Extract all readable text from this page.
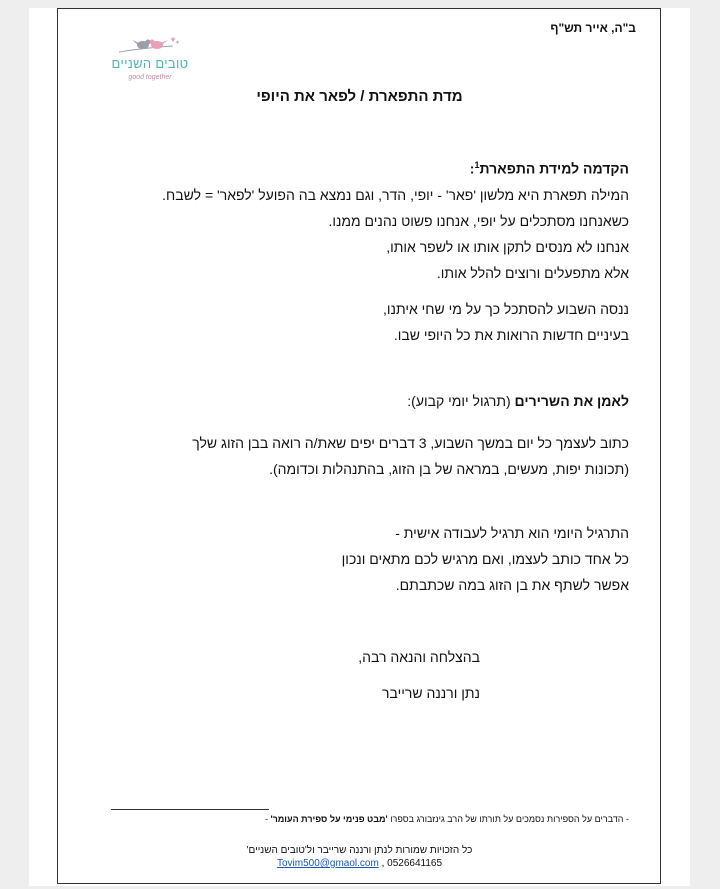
ב"ה, אייר תש"ף
טובים השניים
good together
מדת התפארת / לפאר את היופי
הקדמה למידת התפארת$^1$:
המילה תפארת היא מלשון 'פאר' - יופי, הדר, וגם נמצא בה הפועל 'לפאר' = לשבח.
כשאנחנו מסתכלים על יופי, אנחנו פשוט נהנים ממנו.
אנחנו לא מנסים לתקן אותו או לשפר אותו,
אלא מתפעלים ורוצים להלל אותו.
ננסה השבוע להסתכל כך על מי שחי איתנו,
בעיניים חדשות הרואות את כל היופי שבו.
לאמן את השרירים (תרגול יומי קבוע):
כתוב לעצמך כל יום במשך השבוע, 3 דברים יפים שאת/ה רואה בבן הזוג שלך
(תכונות יפות, מעשים, במראה של בן הזוג, בהתנהלות וכדומה).
התרגיל היומי הוא תרגיל לעבודה אישית -
כל אחד כותב לעצמו, ואם מרגיש לכם מתאים ונכון
אפשר לשתף את בן הזוג במה שכתבתם.
בהצלחה והנאה רבה,
נתן ורננה שרייבר
- הדברים על הספירות נסמכים על תורתו של הרב גינזבורג בספרו 'מבט פנימי על ספירת העומר' -
כל הזכויות שמורות לנתן ורננה שרייבר ול'טובים השניים'
0526641165 , Tovim500@gmaol.com
